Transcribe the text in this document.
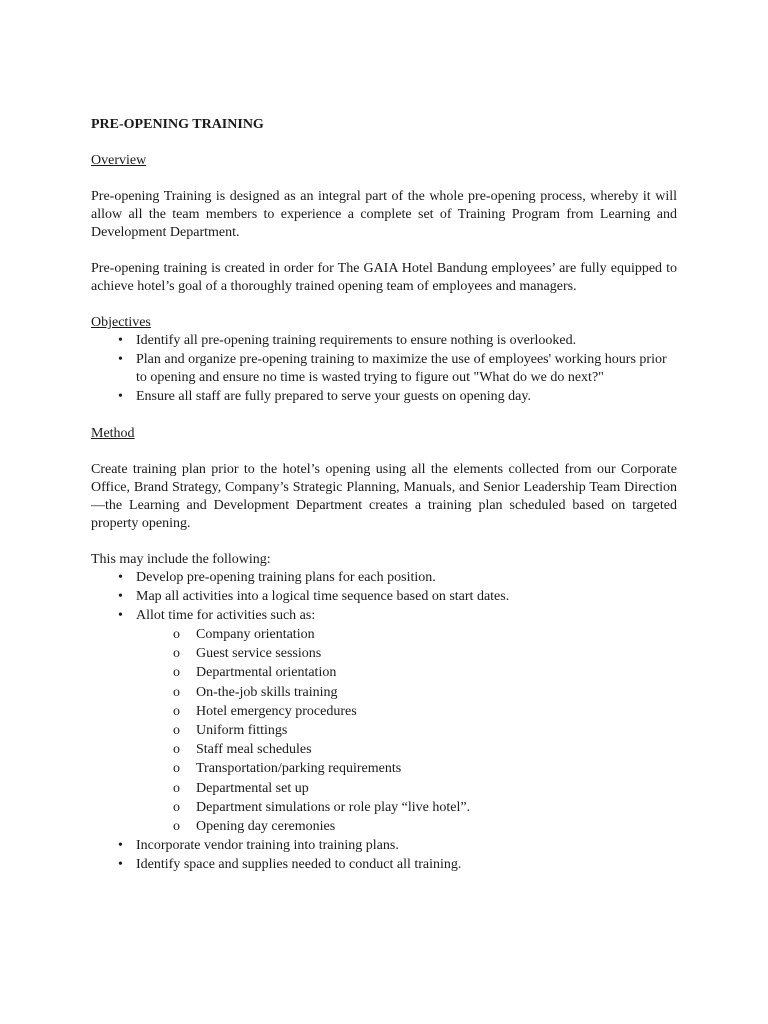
PRE-OPENING TRAINING
Overview
Pre-opening Training is designed as an integral part of the whole pre-opening process, whereby it will allow all the team members to experience a complete set of Training Program from Learning and Development Department.
Pre-opening training is created in order for The GAIA Hotel Bandung employees’ are fully equipped to achieve hotel’s goal of a thoroughly trained opening team of employees and managers.
Objectives
• Identify all pre-opening training requirements to ensure nothing is overlooked.
• Plan and organize pre-opening training to maximize the use of employees' working hours prior to opening and ensure no time is wasted trying to figure out "What do we do next?"
• Ensure all staff are fully prepared to serve your guests on opening day.
Method
Create training plan prior to the hotel’s opening using all the elements collected from our Corporate Office, Brand Strategy, Company’s Strategic Planning, Manuals, and Senior Leadership Team Direction—the Learning and Development Department creates a training plan scheduled based on targeted property opening.
This may include the following:
• Develop pre-opening training plans for each position.
• Map all activities into a logical time sequence based on start dates.
• Allot time for activities such as:
o Company orientation
o Guest service sessions
o Departmental orientation
o On-the-job skills training
o Hotel emergency procedures
o Uniform fittings
o Staff meal schedules
o Transportation/parking requirements
o Departmental set up
o Department simulations or role play “live hotel”.
o Opening day ceremonies
• Incorporate vendor training into training plans.
• Identify space and supplies needed to conduct all training.
